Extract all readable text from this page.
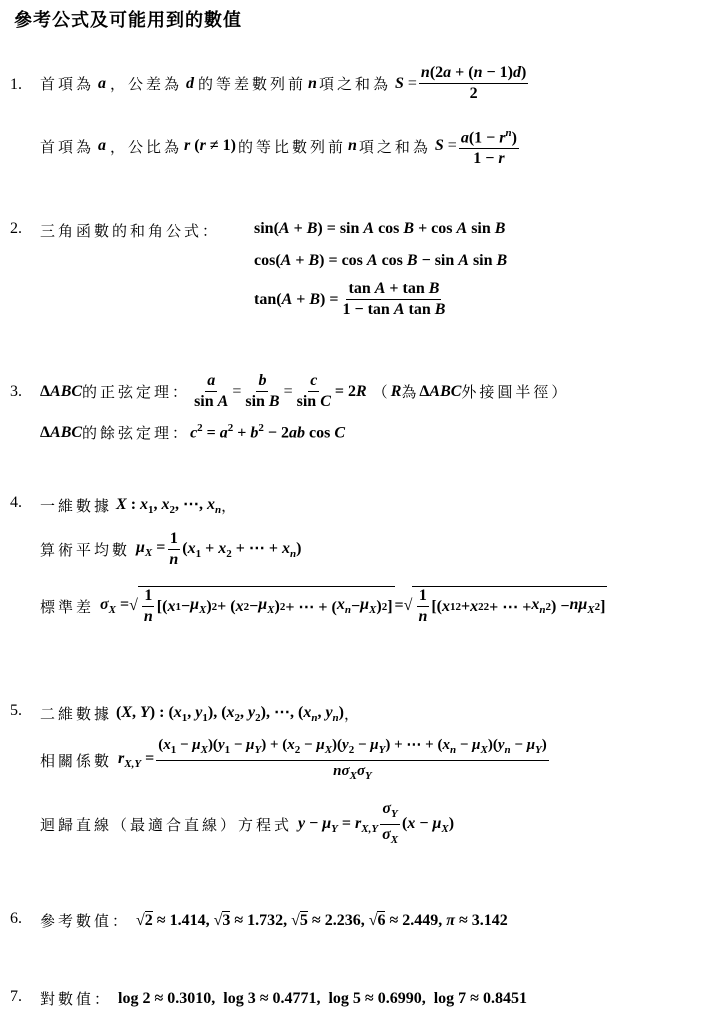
參考公式及可能用到的數值
1. 首項為 a ，公差為 d 的等差數列前 n 項之和為 $S = \frac{n(2a + (n - 1)d)}{2}$
首項為 a ，公比為 r (r ≠ 1) 的等比數列前 n 項之和為 $S = \frac{a(1 - r^n)}{1 - r}$
2. 三角函數的和角公式： sin(A + B) = sin A cos B + cos A sin B
cos(A + B) = cos A cos B − sin A sin B
$\tan(A + B) = \frac{\text{tan A + tan B}}{\text{1 − tan A tan B}}$
3. ΔABC 的正弦定理： $\frac{a}{\text{sin A}} = \frac{b}{\text{sin B}} = \frac{c}{\text{sin C}} = 2R$ （ R 為 ΔABC 外接圓半徑）
ΔABC 的餘弦定理： $c^2 = a^2 + b^2 - 2ab$ cos C
4. 一維數據 X : $x_1$, $x_2$, ⋯, $x_n$ ，
算術平均數 $\mu_X = \frac{1}{n} (x_1 + x_2$ + ⋯ + $x_n$)
標準差 $\sigma_X$ = √ $\frac{1}{n}$ [( x $1 - \mu_X$ ) 2 + ( x $2 - \mu_X$ ) 2 + ⋯ + ( $x_n - \mu_X$ ) 2 ] = √ $\frac{1}{n}$ [( x 1 2 + x 2 2 + ⋯ + $x_n$ 2 ) − $n\mu_X$ 2 ]
5. 二維數據 (X, Y) : ($x_1$, $y_1$), ($x_2$, $y_2$), ⋯, ($x_n$, $y_n$) ，
相關係數 $r_{X,Y}$ =
$(x_1 - \mu_X)(y_1 - \mu_Y) + (x_2 - \mu_X)(y_2 - \mu_Y)$ + ⋯ + $(x_n - \mu_X)(y_n - \mu_Y)$
$n\sigma_X\sigma_Y$
迴歸直線（最適合直線）方程式 $y - \mu_Y = r_{X,Y} \frac{\sigma_Y}{\sigma_X} (x - \mu_X)$
6. 參考數值： √2 ≈ 1.414, √3 ≈ 1.732, √5 ≈ 2.236, √6 ≈ 2.449, π ≈ 3.142
7. 對數值： log 2 ≈ 0.3010,  log 3 ≈ 0.4771,  log 5 ≈ 0.6990,  log 7 ≈ 0.8451
